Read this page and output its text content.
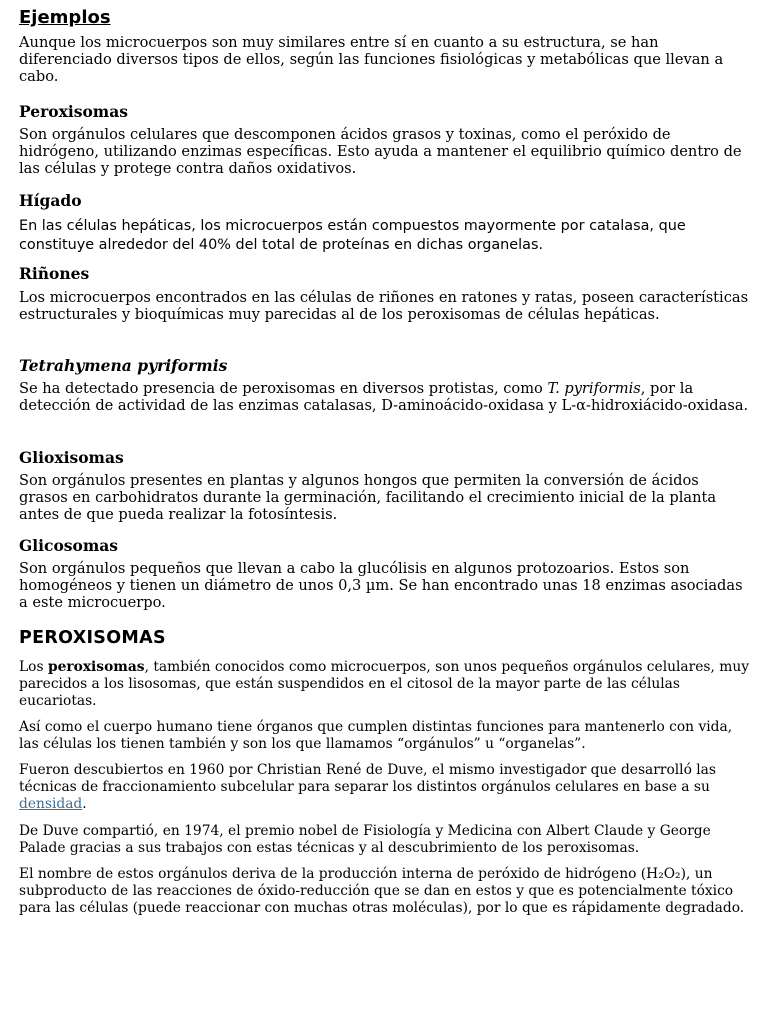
Ejemplos

Aunque los microcuerpos son muy similares entre sí en cuanto a su estructura, se han diferenciado diversos tipos de ellos, según las funciones fisiológicas y metabólicas que llevan a cabo.

Peroxisomas

Son orgánulos celulares que descomponen ácidos grasos y toxinas, como el peróxido de hidrógeno, utilizando enzimas específicas. Esto ayuda a mantener el equilibrio químico dentro de las células y protege contra daños oxidativos.

Hígado

En las células hepáticas, los microcuerpos están compuestos mayormente por catalasa, que constituye alrededor del 40% del total de proteínas en dichas organelas.

Riñones

Los microcuerpos encontrados en las células de riñones en ratones y ratas, poseen características estructurales y bioquímicas muy parecidas al de los peroxisomas de células hepáticas.

Tetrahymena pyriformis

Se ha detectado presencia de peroxisomas en diversos protistas, como T. pyriformis, por la detección de actividad de las enzimas catalasas, D-aminoácido-oxidasa y L-α-hidroxiácido-oxidasa.

Glioxisomas

Son orgánulos presentes en plantas y algunos hongos que permiten la conversión de ácidos grasos en carbohidratos durante la germinación, facilitando el crecimiento inicial de la planta antes de que pueda realizar la fotosíntesis.

Glicosomas

Son orgánulos pequeños que llevan a cabo la glucólisis en algunos protozoarios. Estos son homogéneos y tienen un diámetro de unos 0,3 µm. Se han encontrado unas 18 enzimas asociadas a este microcuerpo.

PEROXISOMAS

Los peroxisomas, también conocidos como microcuerpos, son unos pequeños orgánulos celulares, muy parecidos a los lisosomas, que están suspendidos en el citosol de la mayor parte de las células eucariotas.

Así como el cuerpo humano tiene órganos que cumplen distintas funciones para mantenerlo con vida, las células los tienen también y son los que llamamos “orgánulos” u “organelas”.

Fueron descubiertos en 1960 por Christian René de Duve, el mismo investigador que desarrolló las técnicas de fraccionamiento subcelular para separar los distintos orgánulos celulares en base a su densidad.

De Duve compartió, en 1974, el premio nobel de Fisiología y Medicina con Albert Claude y George Palade gracias a sus trabajos con estas técnicas y al descubrimiento de los peroxisomas.

El nombre de estos orgánulos deriva de la producción interna de peróxido de hidrógeno (H₂O₂), un subproducto de las reacciones de óxido-reducción que se dan en estos y que es potencialmente tóxico para las células (puede reaccionar con muchas otras moléculas), por lo que es rápidamente degradado.
